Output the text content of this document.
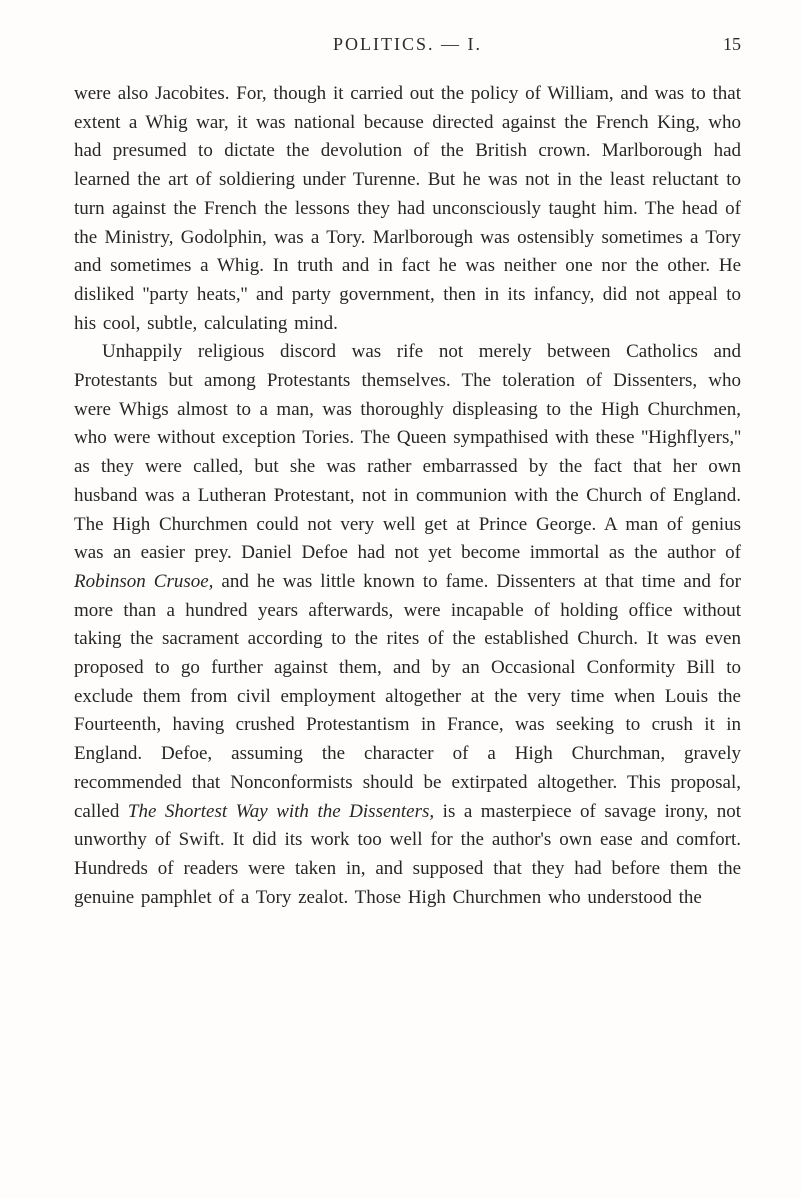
POLITICS. — I.	15

were also Jacobites. For, though it carried out the policy of William, and was to that extent a Whig war, it was national because directed against the French King, who had presumed to dictate the devolution of the British crown. Marlborough had learned the art of soldiering under Turenne. But he was not in the least reluctant to turn against the French the lessons they had unconsciously taught him. The head of the Ministry, Godolphin, was a Tory. Marlborough was ostensibly sometimes a Tory and sometimes a Whig. In truth and in fact he was neither one nor the other. He disliked ''party heats,'' and party government, then in its infancy, did not appeal to his cool, subtle, calculating mind.

Unhappily religious discord was rife not merely between Catholics and Protestants but among Protestants themselves. The toleration of Dissenters, who were Whigs almost to a man, was thoroughly displeasing to the High Churchmen, who were without exception Tories. The Queen sympathised with these ''Highflyers,'' as they were called, but she was rather embarrassed by the fact that her own husband was a Lutheran Protestant, not in communion with the Church of England. The High Churchmen could not very well get at Prince George. A man of genius was an easier prey. Daniel Defoe had not yet become immortal as the author of Robinson Crusoe, and he was little known to fame. Dissenters at that time and for more than a hundred years afterwards, were incapable of holding office without taking the sacrament according to the rites of the established Church. It was even proposed to go further against them, and by an Occasional Conformity Bill to exclude them from civil employment altogether at the very time when Louis the Fourteenth, having crushed Protestantism in France, was seeking to crush it in England. Defoe, assuming the character of a High Churchman, gravely recommended that Nonconformists should be extirpated altogether. This proposal, called The Shortest Way with the Dissenters, is a masterpiece of savage irony, not unworthy of Swift. It did its work too well for the author's own ease and comfort. Hundreds of readers were taken in, and supposed that they had before them the genuine pamphlet of a Tory zealot. Those High Churchmen who understood the
